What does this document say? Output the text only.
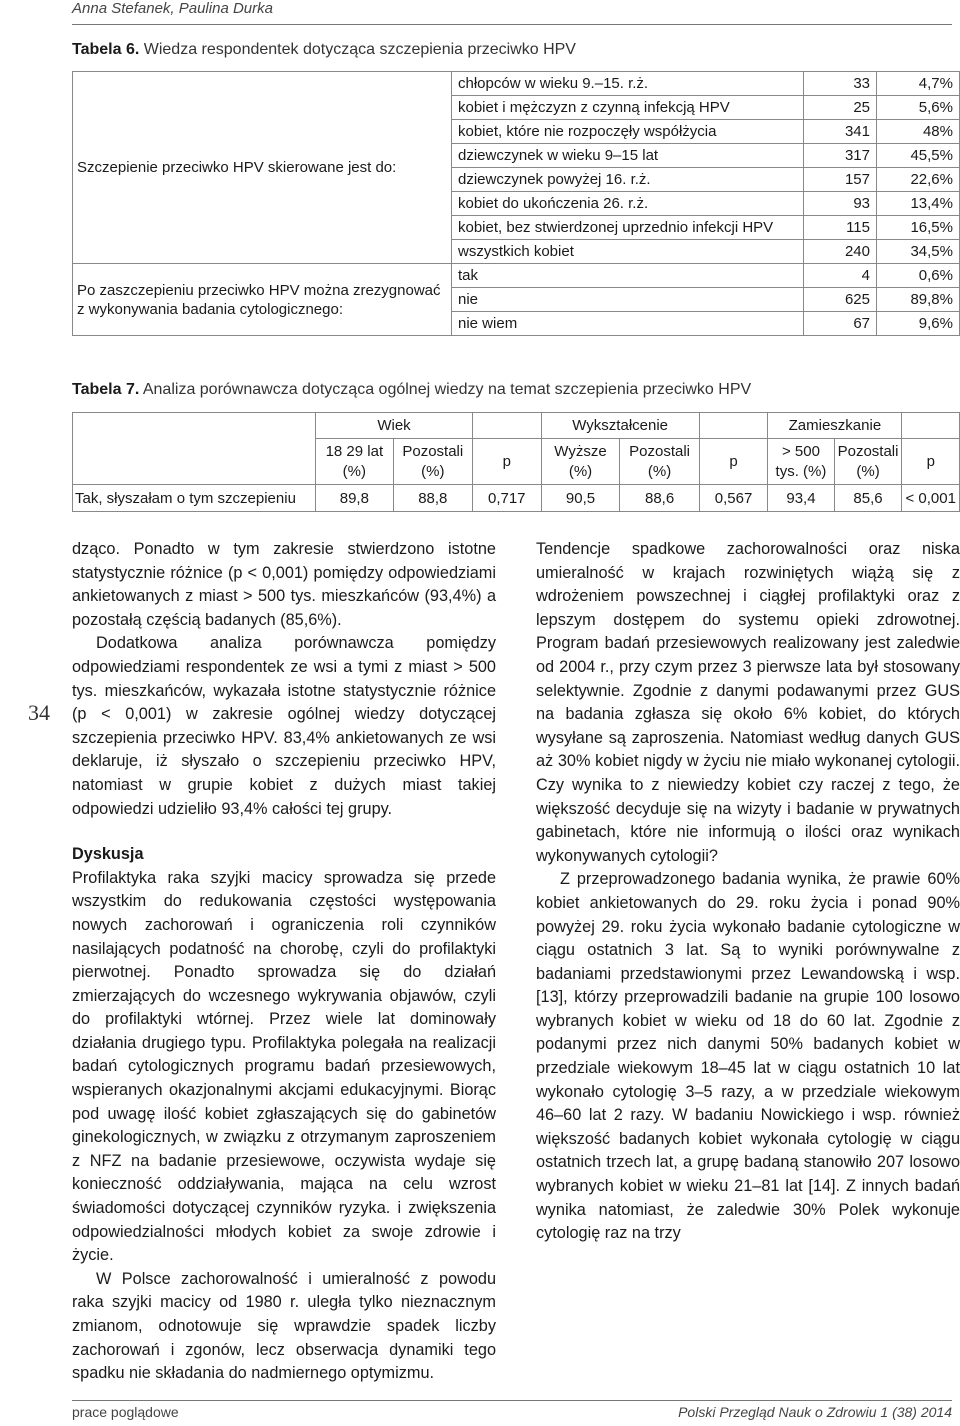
Anna Stefanek, Paulina Durka
Tabela 6. Wiedza respondentek dotycząca szczepienia przeciwko HPV
Szczepienie przeciwko HPV skierowane jest do:	chłopców w wieku 9.–15. r.ż.	33	4,7%
	kobiet i mężczyzn z czynną infekcją HPV	25	5,6%
	kobiet, które nie rozpoczęły współżycia	341	48%
	dziewczynek w wieku 9–15 lat	317	45,5%
	dziewczynek powyżej 16. r.ż.	157	22,6%
	kobiet do ukończenia 26. r.ż.	93	13,4%
	kobiet, bez stwierdzonej uprzednio infekcji HPV	115	16,5%
	wszystkich kobiet	240	34,5%
Po zaszczepieniu przeciwko HPV można zrezygnować z wykonywania badania cytologicznego:	tak	4	0,6%
	nie	625	89,8%
	nie wiem	67	9,6%
Tabela 7. Analiza porównawcza dotycząca ogólnej wiedzy na temat szczepienia przeciwko HPV
	Wiek			Wykształcenie			Zamieszkanie		
	18 29 lat (%)	Pozostali (%)	p	Wyższe (%)	Pozostali (%)	p	> 500 tys. (%)	Pozostali (%)	p
Tak, słyszałam o tym szczepieniu	89,8	88,8	0,717	90,5	88,6	0,567	93,4	85,6	< 0,001

dząco. Ponadto w tym zakresie stwierdzono istotne statystycznie różnice (p < 0,001) pomiędzy odpowiedziami ankietowanych z miast > 500 tys. mieszkańców (93,4%) a pozostałą częścią badanych (85,6%).

Dodatkowa analiza porównawcza pomiędzy odpowiedziami respondentek ze wsi a tymi z miast > 500 tys. mieszkańców, wykazała istotne statystycznie różnice (p < 0,001) w zakresie ogólnej wiedzy dotyczącej szczepienia przeciwko HPV. 83,4% ankietowanych ze wsi deklaruje, iż słyszało o szczepieniu przeciwko HPV, natomiast w grupie kobiet z dużych miast takiej odpowiedzi udzieliło 93,4% całości tej grupy.

Dyskusja

Profilaktyka raka szyjki macicy sprowadza się przede wszystkim do redukowania częstości występowania nowych zachorowań i ograniczenia roli czynników nasilających podatność na chorobę, czyli do profilaktyki pierwotnej. Ponadto sprowadza się do działań zmierzających do wczesnego wykrywania objawów, czyli do profilaktyki wtórnej. Przez wiele lat dominowały działania drugiego typu. Profilaktyka polegała na realizacji badań cytologicznych programu badań przesiewowych, wspieranych okazjonalnymi akcjami edukacyjnymi. Biorąc pod uwagę ilość kobiet zgłaszających się do gabinetów ginekologicznych, w związku z otrzymanym zaproszeniem z NFZ na badanie przesiewowe, oczywista wydaje się konieczność oddziaływania, mająca na celu wzrost świadomości dotyczącej czynników ryzyka. i zwiększenia odpowiedzialności młodych kobiet za swoje zdrowie i życie.

W Polsce zachorowalność i umieralność z powodu raka szyjki macicy od 1980 r. uległa tylko nieznacznym zmianom, odnotowuje się wprawdzie spadek liczby zachorowań i zgonów, lecz obserwacja dynamiki tego spadku nie składania do nadmiernego optymizmu.

Tendencje spadkowe zachorowalności oraz niska umieralność w krajach rozwiniętych wiążą się z wdrożeniem powszechnej i ciągłej profilaktyki oraz z lepszym dostępem do systemu opieki zdrowotnej. Program badań przesiewowych realizowany jest zaledwie od 2004 r., przy czym przez 3 pierwsze lata był stosowany selektywnie. Zgodnie z danymi podawanymi przez GUS na badania zgłasza się około 6% kobiet, do których wysyłane są zaproszenia. Natomiast według danych GUS aż 30% kobiet nigdy w życiu nie miało wykonanej cytologii. Czy wynika to z niewiedzy kobiet czy raczej z tego, że większość decyduje się na wizyty i badanie w prywatnych gabinetach, które nie informują o ilości oraz wynikach wykonywanych cytologii?

Z przeprowadzonego badania wynika, że prawie 60% kobiet ankietowanych do 29. roku życia i ponad 90% powyżej 29. roku życia wykonało badanie cytologiczne w ciągu ostatnich 3 lat. Są to wyniki porównywalne z badaniami przedstawionymi przez Lewandowską i wsp. [13], którzy przeprowadzili badanie na grupie 100 losowo wybranych kobiet w wieku od 18 do 60 lat. Zgodnie z podanymi przez nich danymi 50% badanych kobiet w przedziale wiekowym 18–45 lat w ciągu ostatnich 10 lat wykonało cytologię 3–5 razy, a w przedziale wiekowym 46–60 lat 2 razy. W badaniu Nowickiego i wsp. również większość badanych kobiet wykonała cytologię w ciągu ostatnich trzech lat, a grupę badaną stanowiło 207 losowo wybranych kobiet w wieku 21–81 lat [14]. Z innych badań wynika natomiast, że zaledwie 30% Polek wykonuje cytologię raz na trzy

34
prace poglądowe	Polski Przegląd Nauk o Zdrowiu 1 (38) 2014
